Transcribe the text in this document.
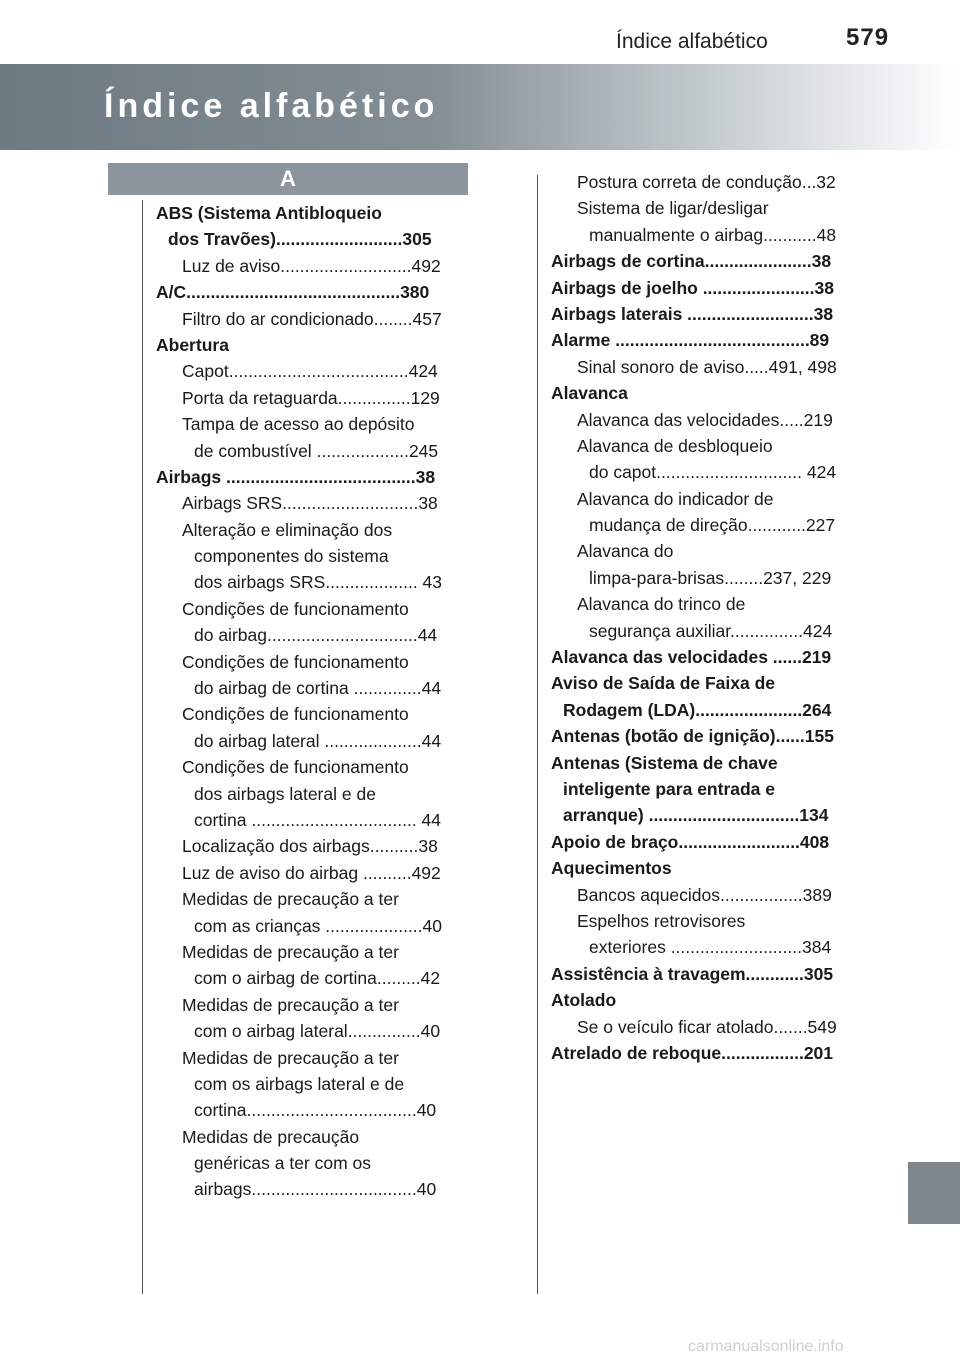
Índice alfabético	579
Índice alfabético
A
ABS (Sistema Antibloqueio
dos Travões)..........................305
Luz de aviso...........................492
A/C............................................380
Filtro do ar condicionado........457
Abertura
Capot.....................................424
Porta da retaguarda...............129
Tampa de acesso ao depósito
de combustível ...................245
Airbags .......................................38
Airbags SRS............................38
Alteração e eliminação dos
componentes do sistema
dos airbags SRS................... 43
Condições de funcionamento
do airbag...............................44
Condições de funcionamento
do airbag de cortina ..............44
Condições de funcionamento
do airbag lateral ....................44
Condições de funcionamento
dos airbags lateral e de
cortina .................................. 44
Localização dos airbags..........38
Luz de aviso do airbag ..........492
Medidas de precaução a ter
com as crianças ....................40
Medidas de precaução a ter
com o airbag de cortina.........42
Medidas de precaução a ter
com o airbag lateral...............40
Medidas de precaução a ter
com os airbags lateral e de
cortina...................................40
Medidas de precaução
genéricas a ter com os
airbags..................................40
Postura correta de condução...32
Sistema de ligar/desligar
manualmente o airbag...........48
Airbags de cortina......................38
Airbags de joelho .......................38
Airbags laterais ..........................38
Alarme ........................................89
Sinal sonoro de aviso.....491, 498
Alavanca
Alavanca das velocidades.....219
Alavanca de desbloqueio
do capot.............................. 424
Alavanca do indicador de
mudança de direção............227
Alavanca do
limpa-para-brisas........237, 229
Alavanca do trinco de
segurança auxiliar...............424
Alavanca das velocidades ......219
Aviso de Saída de Faixa de
Rodagem (LDA)......................264
Antenas (botão de ignição)......155
Antenas (Sistema de chave
inteligente para entrada e
arranque) ...............................134
Apoio de braço.........................408
Aquecimentos
Bancos aquecidos.................389
Espelhos retrovisores
exteriores ...........................384
Assistência à travagem............305
Atolado
Se o veículo ficar atolado.......549
Atrelado de reboque.................201
carmanualsonline.info
